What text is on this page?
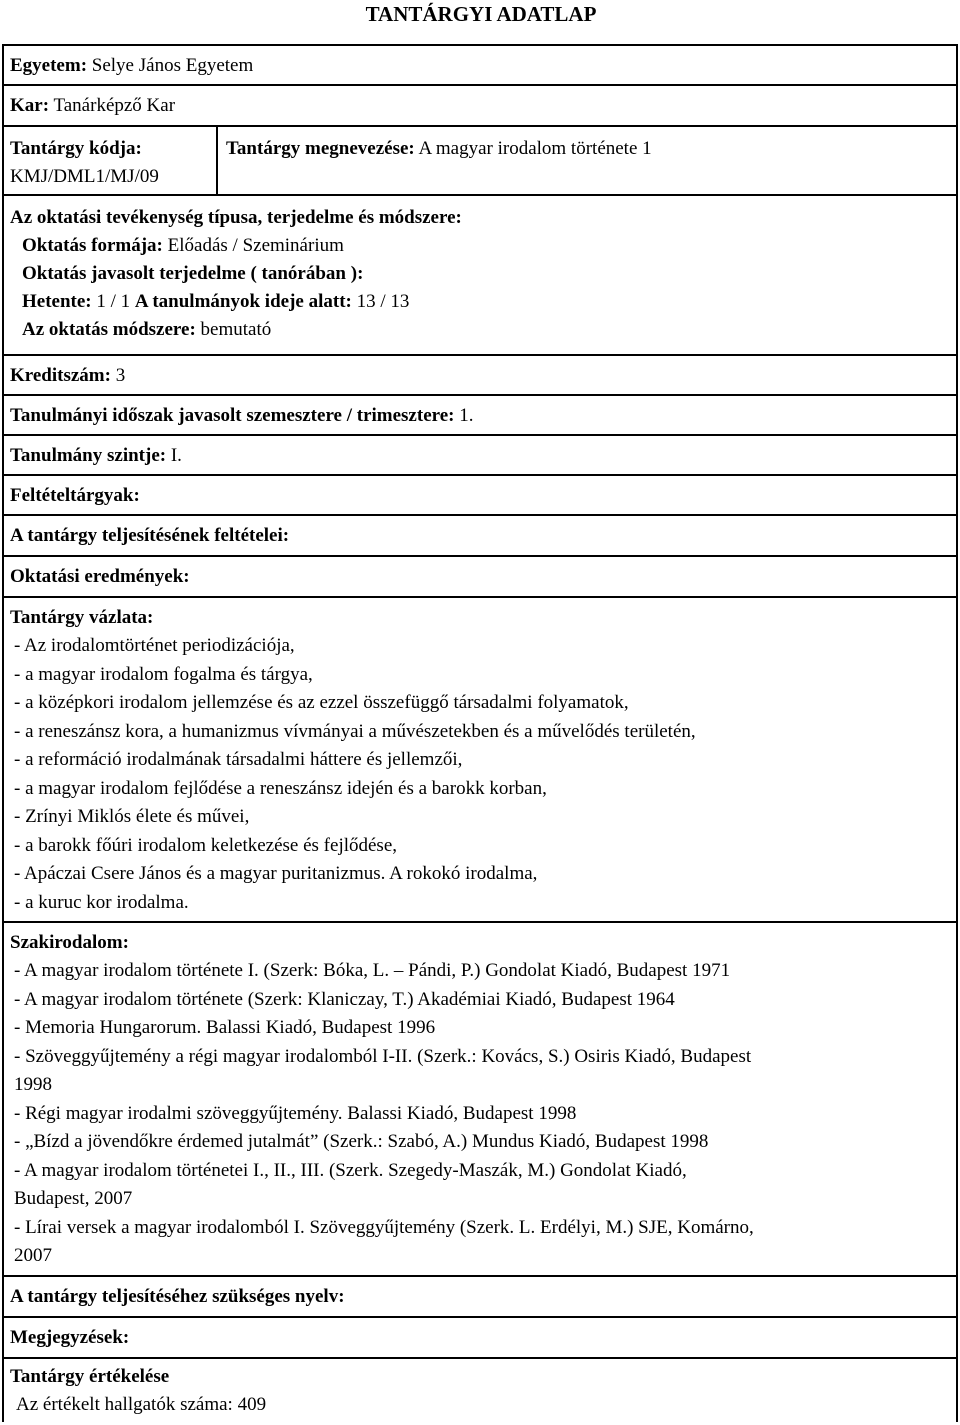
TANTÁRGYI ADATLAP
Egyetem: Selye János Egyetem
Kar: Tanárképző Kar
Tantárgy kódja:
KMJ/DML1/MJ/09
Tantárgy megnevezése: A magyar irodalom története 1
Az oktatási tevékenység típusa, terjedelme és módszere:
Oktatás formája: Előadás / Szeminárium
Oktatás javasolt terjedelme ( tanórában ):
Hetente: 1 / 1 A tanulmányok ideje alatt: 13 / 13
Az oktatás módszere: bemutató
Kreditszám: 3
Tanulmányi időszak javasolt szemesztere / trimesztere: 1.
Tanulmány szintje: I.
Feltételtárgyak:
A tantárgy teljesítésének feltételei:
Oktatási eredmények:
Tantárgy vázlata:
- Az irodalomtörténet periodizációja,
- a magyar irodalom fogalma és tárgya,
- a középkori irodalom jellemzése és az ezzel összefüggő társadalmi folyamatok,
- a reneszánsz kora, a humanizmus vívmányai a művészetekben és a művelődés területén,
- a reformáció irodalmának társadalmi háttere és jellemzői,
- a magyar irodalom fejlődése a reneszánsz idején és a barokk korban,
- Zrínyi Miklós élete és művei,
- a barokk főúri irodalom keletkezése és fejlődése,
- Apáczai Csere János és a magyar puritanizmus. A rokokó irodalma,
- a kuruc kor irodalma.
Szakirodalom:
- A magyar irodalom története I. (Szerk: Bóka, L. – Pándi, P.) Gondolat Kiadó, Budapest 1971
- A magyar irodalom története (Szerk: Klaniczay, T.) Akadémiai Kiadó, Budapest 1964
- Memoria Hungarorum. Balassi Kiadó, Budapest 1996
- Szöveggyűjtemény a régi magyar irodalomból I-II. (Szerk.: Kovács, S.) Osiris Kiadó, Budapest
1998
- Régi magyar irodalmi szöveggyűjtemény. Balassi Kiadó, Budapest 1998
- „Bízd a jövendőkre érdemed jutalmát” (Szerk.: Szabó, A.) Mundus Kiadó, Budapest 1998
- A magyar irodalom történetei I., II., III. (Szerk. Szegedy-Maszák, M.) Gondolat Kiadó,
Budapest, 2007
- Lírai versek a magyar irodalomból I. Szöveggyűjtemény (Szerk. L. Erdélyi, M.) SJE, Komárno,
2007
A tantárgy teljesítéséhez szükséges nyelv:
Megjegyzések:
Tantárgy értékelése
Az értékelt hallgatók száma: 409
